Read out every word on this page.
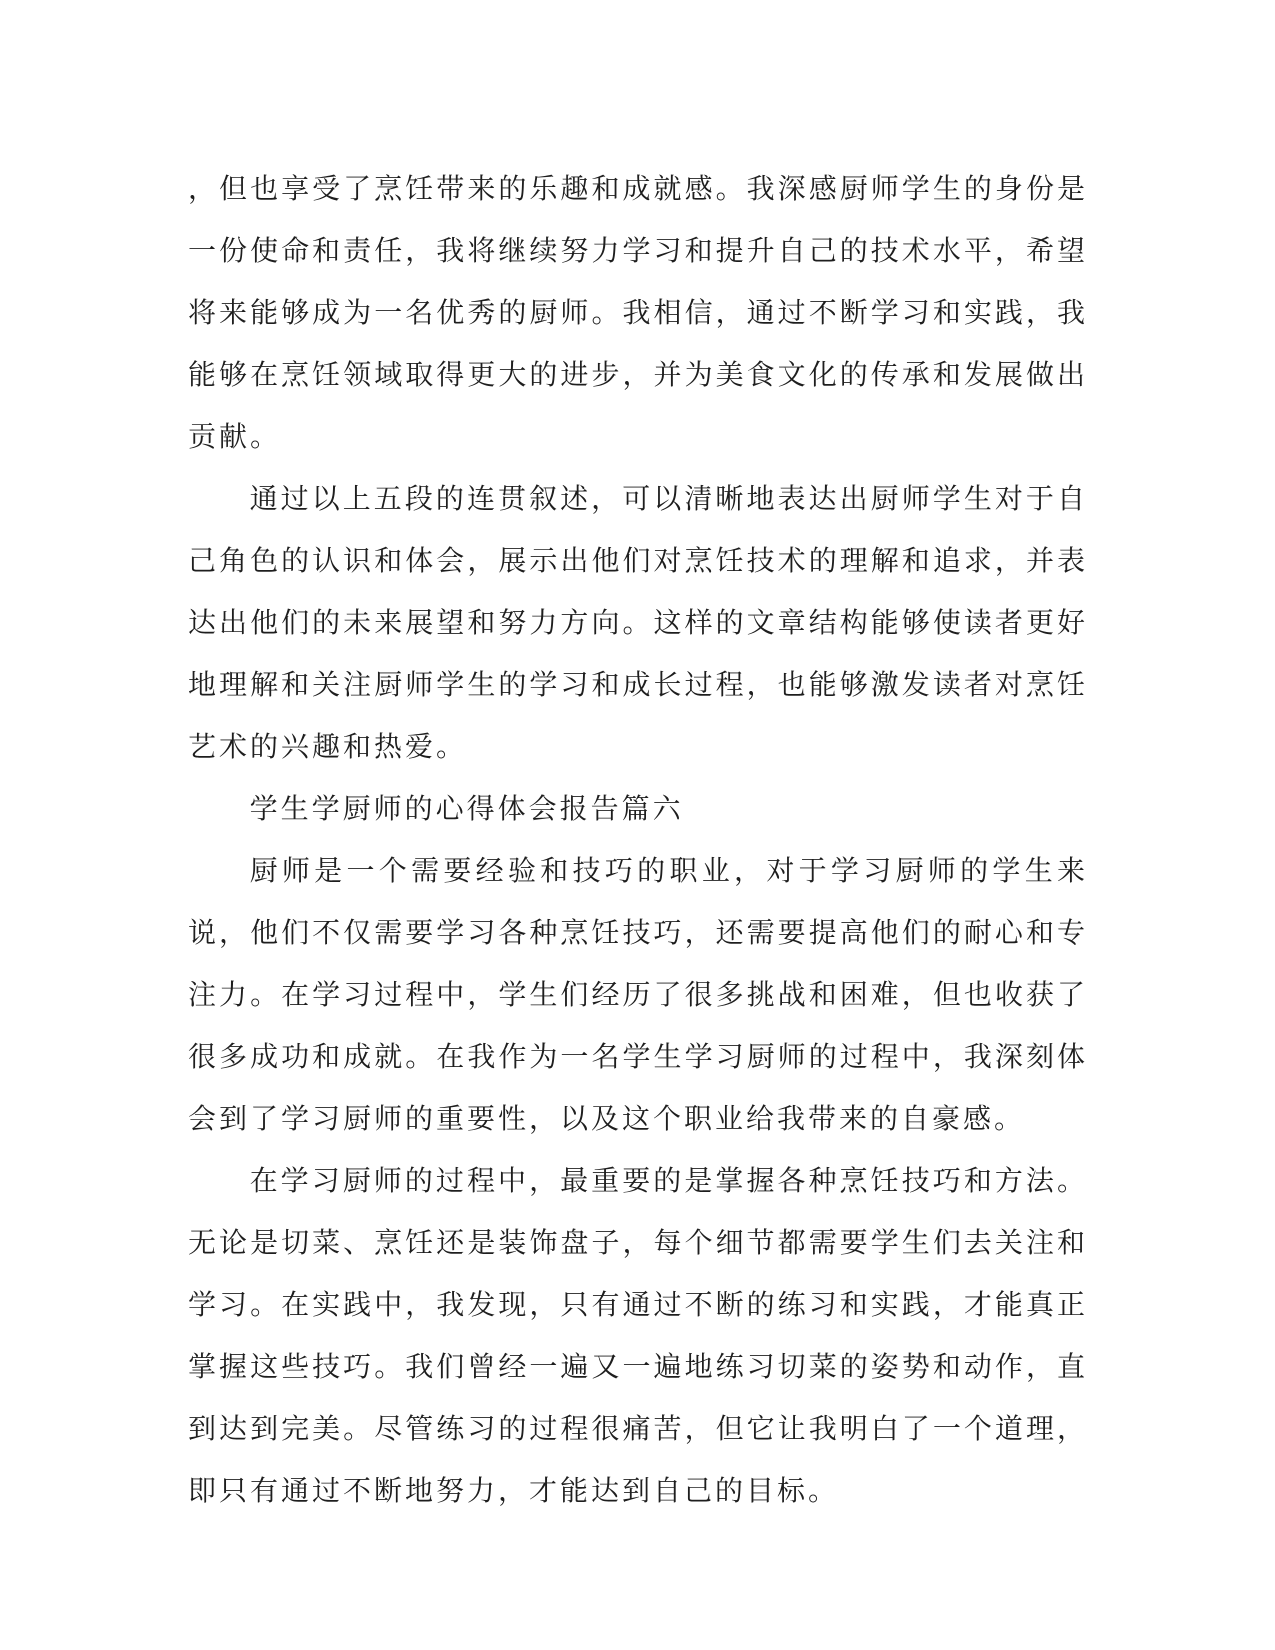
，但也享受了烹饪带来的乐趣和成就感。我深感厨师学生的身份是一份使命和责任，我将继续努力学习和提升自己的技术水平，希望将来能够成为一名优秀的厨师。我相信，通过不断学习和实践，我能够在烹饪领域取得更大的进步，并为美食文化的传承和发展做出贡献。

通过以上五段的连贯叙述，可以清晰地表达出厨师学生对于自己角色的认识和体会，展示出他们对烹饪技术的理解和追求，并表达出他们的未来展望和努力方向。这样的文章结构能够使读者更好地理解和关注厨师学生的学习和成长过程，也能够激发读者对烹饪艺术的兴趣和热爱。

学生学厨师的心得体会报告篇六

厨师是一个需要经验和技巧的职业，对于学习厨师的学生来说，他们不仅需要学习各种烹饪技巧，还需要提高他们的耐心和专注力。在学习过程中，学生们经历了很多挑战和困难，但也收获了很多成功和成就。在我作为一名学生学习厨师的过程中，我深刻体会到了学习厨师的重要性，以及这个职业给我带来的自豪感。

在学习厨师的过程中，最重要的是掌握各种烹饪技巧和方法。无论是切菜、烹饪还是装饰盘子，每个细节都需要学生们去关注和学习。在实践中，我发现，只有通过不断的练习和实践，才能真正掌握这些技巧。我们曾经一遍又一遍地练习切菜的姿势和动作，直到达到完美。尽管练习的过程很痛苦，但它让我明白了一个道理，即只有通过不断地努力，才能达到自己的目标。
